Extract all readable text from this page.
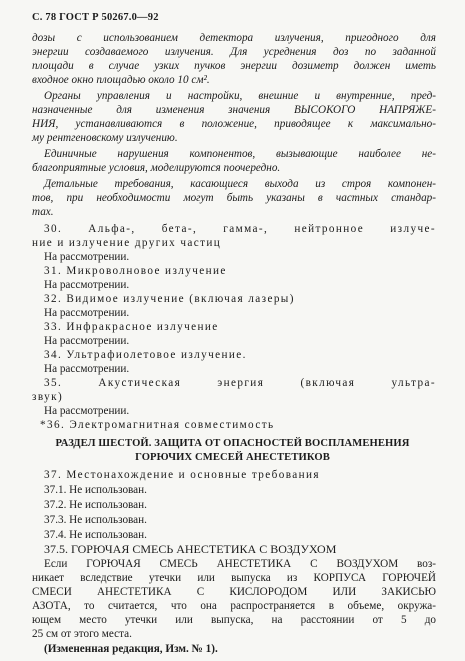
С. 78 ГОСТ Р 50267.0—92
дозы с использованием детектора излучения, пригодного для
энергии создаваемого излучения. Для усреднения доз по заданной
площади в случае узких пучков энергии дозиметр должен иметь
входное окно площадью около 10 см².
Органы управления и настройки, внешние и внутренние, пред-
назначенные для изменения значения ВЫСОКОГО НАПРЯЖЕ-
НИЯ, устанавливаются в положение, приводящее к максимально-
му рентгеновскому излучению.
Единичные нарушения компонентов, вызывающие наиболее не-
благоприятные условия, моделируются поочередно.
Детальные требования, касающиеся выхода из строя компонен-
тов, при необходимости могут быть указаны в частных стандар-
тах.
30. Альфа-, бета-, гамма-, нейтронное излуче-
ние и излучение других частиц
На рассмотрении.
31. Микроволновое излучение
На рассмотрении.
32. Видимое излучение (включая лазеры)
На рассмотрении.
33. Инфракрасное излучение
На рассмотрении.
34. Ультрафиолетовое излучение.
На рассмотрении.
35. Акустическая энергия (включая ультра-
звук)
На рассмотрении.
*36. Электромагнитная совместимость
РАЗДЕЛ ШЕСТОЙ. ЗАЩИТА ОТ ОПАСНОСТЕЙ ВОСПЛАМЕНЕНИЯ
ГОРЮЧИХ СМЕСЕЙ АНЕСТЕТИКОВ
37. Местонахождение и основные требования
37.1. Не использован.
37.2. Не использован.
37.3. Не использован.
37.4. Не использован.
37.5. ГОРЮЧАЯ СМЕСЬ АНЕСТЕТИКА С ВОЗДУХОМ
Если ГОРЮЧАЯ СМЕСЬ АНЕСТЕТИКА С ВОЗДУХОМ воз-
никает вследствие утечки или выпуска из КОРПУСА ГОРЮЧЕЙ
СМЕСИ АНЕСТЕТИКА С КИСЛОРОДОМ ИЛИ ЗАКИСЬЮ
АЗОТА, то считается, что она распространяется в объеме, окружа-
ющем место утечки или выпуска, на расстоянии от 5 до
25 см от этого места.
(Измененная редакция, Изм. № 1).
